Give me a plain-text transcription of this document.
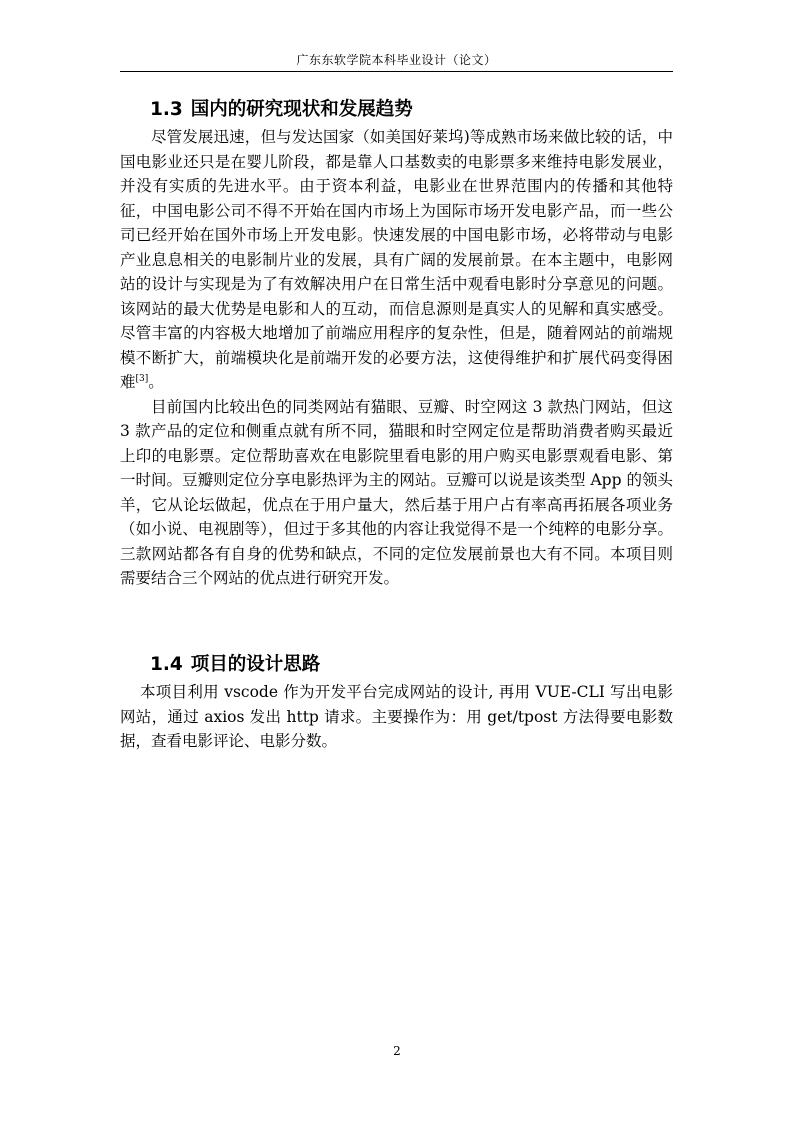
广东东软学院本科毕业设计（论文）
1.3 国内的研究现状和发展趋势

尽管发展迅速，但与发达国家（如美国好莱坞)等成熟市场来做比较的话，中国电影业还只是在婴儿阶段，都是靠人口基数卖的电影票多来维持电影发展业，并没有实质的先进水平。由于资本利益，电影业在世界范围内的传播和其他特征，中国电影公司不得不开始在国内市场上为国际市场开发电影产品，而一些公司已经开始在国外市场上开发电影。快速发展的中国电影市场，必将带动与电影产业息息相关的电影制片业的发展，具有广阔的发展前景。在本主题中，电影网站的设计与实现是为了有效解决用户在日常生活中观看电影时分享意见的问题。该网站的最大优势是电影和人的互动，而信息源则是真实人的见解和真实感受。尽管丰富的内容极大地增加了前端应用程序的复杂性，但是，随着网站的前端规模不断扩大，前端模块化是前端开发的必要方法，这使得维护和扩展代码变得困难[3]。

目前国内比较出色的同类网站有猫眼、豆瓣、时空网这 3 款热门网站，但这 3 款产品的定位和侧重点就有所不同，猫眼和时空网定位是帮助消费者购买最近上印的电影票。定位帮助喜欢在电影院里看电影的用户购买电影票观看电影、第一时间。豆瓣则定位分享电影热评为主的网站。豆瓣可以说是该类型 App 的领头羊，它从论坛做起，优点在于用户量大，然后基于用户占有率高再拓展各项业务（如小说、电视剧等），但过于多其他的内容让我觉得不是一个纯粹的电影分享。三款网站都各有自身的优势和缺点，不同的定位发展前景也大有不同。本项目则需要结合三个网站的优点进行研究开发。

1.4 项目的设计思路

本项目利用 vscode 作为开发平台完成网站的设计, 再用 VUE-CLI 写出电影网站，通过 axios 发出 http 请求。主要操作为：用 get/tpost 方法得要电影数据，查看电影评论、电影分数。

2
